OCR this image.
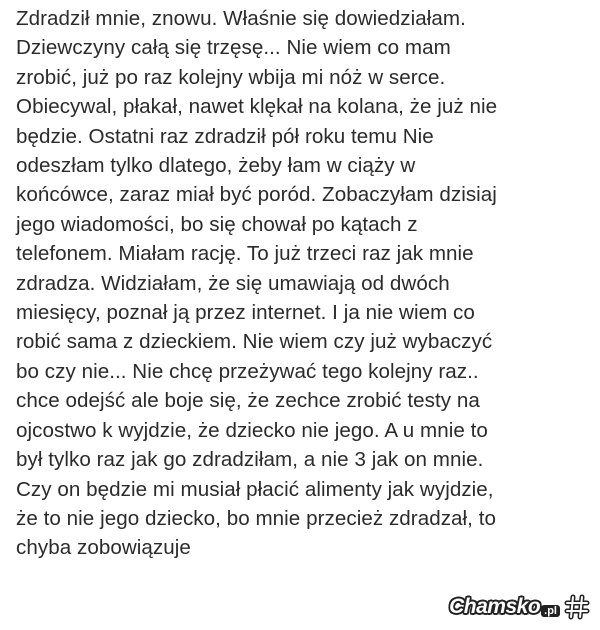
Zdradził mnie, znowu. Właśnie się dowiedziałam.
Dziewczyny całą się trzęsę... Nie wiem co mam
zrobić, już po raz kolejny wbija mi nóż w serce.
Obiecywal, płakał, nawet klękał na kolana, że już nie
będzie. Ostatni raz zdradził pół roku temu Nie
odeszłam tylko dlatego, żeby łam w ciąży w
końcówce, zaraz miał być poród. Zobaczyłam dzisiaj
jego wiadomości, bo się chował po kątach z
telefonem. Miałam rację. To już trzeci raz jak mnie
zdradza. Widziałam, że się umawiają od dwóch
miesięcy, poznał ją przez internet. I ja nie wiem co
robić sama z dzieckiem. Nie wiem czy już wybaczyć
bo czy nie... Nie chcę przeżywać tego kolejny raz..
chce odejść ale boje się, że zechce zrobić testy na
ojcostwo k wyjdzie, że dziecko nie jego. A u mnie to
był tylko raz jak go zdradziłam, a nie 3 jak on mnie.
Czy on będzie mi musiał płacić alimenty jak wyjdzie,
że to nie jego dziecko, bo mnie przecież zdradzał, to
chyba zobowiązuje

Chamsko .pl
